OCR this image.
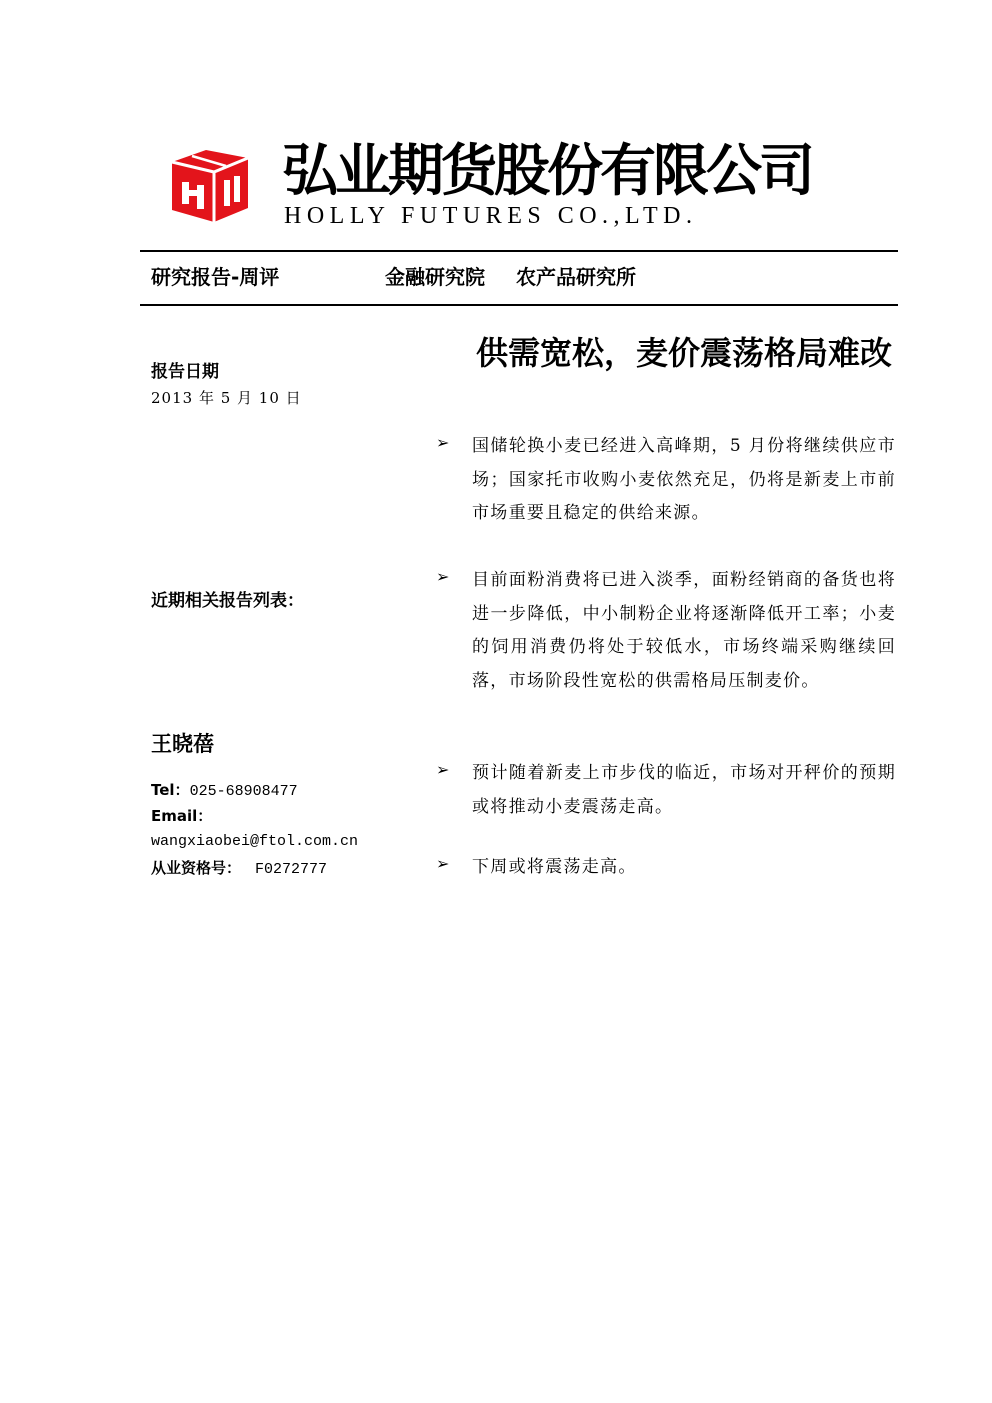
弘业期货股份有限公司
HOLLY FUTURES CO.,LTD.
研究报告-周评	金融研究院 农产品研究所
供需宽松，麦价震荡格局难改
报告日期
2013 年 5 月 10 日
近期相关报告列表：
王晓蓓
Tel：025-68908477
Email：
wangxiaobei@ftol.com.cn
从业资格号： F0272777
➢ 国储轮换小麦已经进入高峰期，5 月份将继续供应市场；国家托市收购小麦依然充足，仍将是新麦上市前市场重要且稳定的供给来源。

➢ 目前面粉消费将已进入淡季，面粉经销商的备货也将进一步降低，中小制粉企业将逐渐降低开工率；小麦的饲用消费仍将处于较低水，市场终端采购继续回落，市场阶段性宽松的供需格局压制麦价。

➢ 预计随着新麦上市步伐的临近，市场对开秤价的预期或将推动小麦震荡走高。

➢ 下周或将震荡走高。
